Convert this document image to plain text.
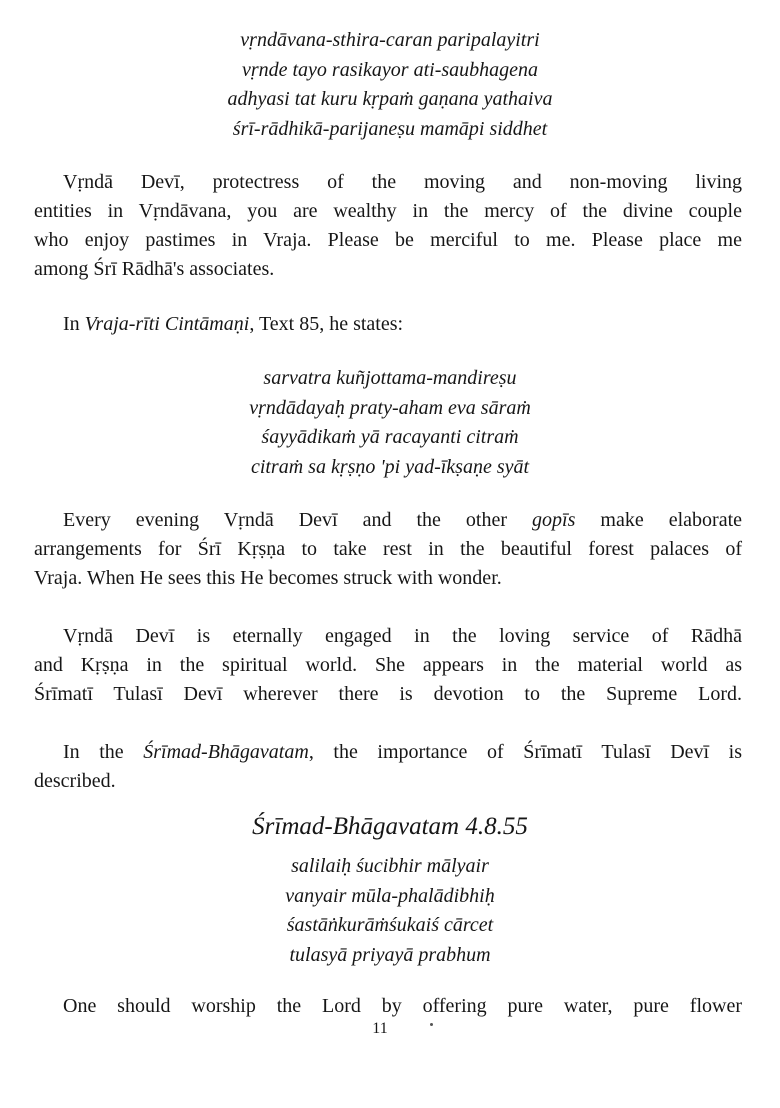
vṛndāvana-sthira-caran paripalayitri
vṛnde tayo rasikayor ati-saubhagena
adhyasi tat kuru kṛpaṁ gaṇana yathaiva
śrī-rādhikā-parijaneṣu mamāpi siddhet
Vṛndā Devī, protectress of the moving and non-moving living
entities in Vṛndāvana, you are wealthy in the mercy of the divine couple
who enjoy pastimes in Vraja. Please be merciful to me. Please place me
among Śrī Rādhā's associates.
In Vraja-rīti Cintāmaṇi, Text 85, he states:
sarvatra kuñjottama-mandireṣu
vṛndādayaḥ praty-aham eva sāraṁ
śayyādikaṁ yā racayanti citraṁ
citraṁ sa kṛṣṇo 'pi yad-īkṣaṇe syāt
Every evening Vṛndā Devī and the other gopīs make elaborate
arrangements for Śrī Kṛṣṇa to take rest in the beautiful forest palaces of
Vraja. When He sees this He becomes struck with wonder.
Vṛndā Devī is eternally engaged in the loving service of Rādhā
and Kṛṣṇa in the spiritual world. She appears in the material world as
Śrīmatī Tulasī Devī wherever there is devotion to the Supreme Lord.
In the Śrīmad-Bhāgavatam, the importance of Śrīmatī Tulasī Devī is
described.
Śrīmad-Bhāgavatam 4.8.55
salilaiḥ śucibhir mālyair
vanyair mūla-phalādibhiḥ
śastāṅkurāṁśukaiś cārcet
tulasyā priyayā prabhum
One should worship the Lord by offering pure water, pure flower
11
